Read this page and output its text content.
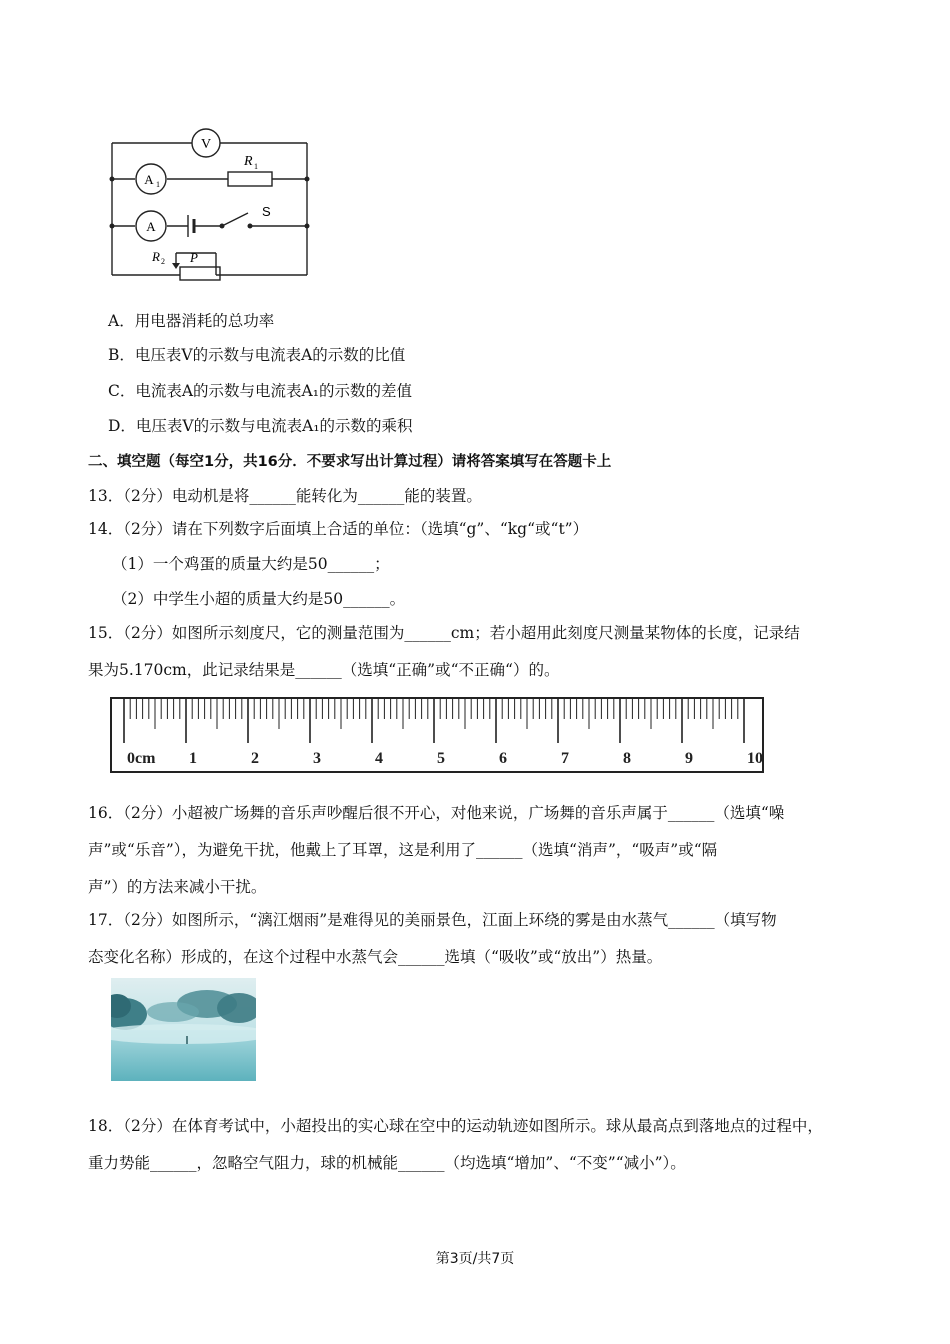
V
A 1
A
S
R 1
R 2 P
A．用电器消耗的总功率
B．电压表V的示数与电流表A的示数的比值
C．电流表A的示数与电流表A₁的示数的差值
D．电压表V的示数与电流表A₁的示数的乘积
二、填空题（每空1分，共16分．不要求写出计算过程）请将答案填写在答题卡上
13．（2分）电动机是将______能转化为______能的装置。
14．（2分）请在下列数字后面填上合适的单位：（选填“g”、“kg“或“t”）
（1）一个鸡蛋的质量大约是50______；
（2）中学生小超的质量大约是50______。
15．（2分）如图所示刻度尺，它的测量范围为______cm；若小超用此刻度尺测量某物体的长度，记录结
果为5.170cm，此记录结果是______（选填“正确”或“不正确“）的。
0cm 1	2	3	4	5	6	7	8	9	10
16．（2分）小超被广场舞的音乐声吵醒后很不开心，对他来说，广场舞的音乐声属于______（选填“噪
声”或“乐音”），为避免干扰，他戴上了耳罩，这是利用了______（选填“消声”，“吸声”或“隔
声”）的方法来减小干扰。
17．（2分）如图所示，“漓江烟雨”是难得见的美丽景色，江面上环绕的雾是由水蒸气______（填写物
态变化名称）形成的，在这个过程中水蒸气会______选填（“吸收”或“放出”）热量。
18．（2分）在体育考试中，小超投出的实心球在空中的运动轨迹如图所示。球从最高点到落地点的过程中，
重力势能______，忽略空气阻力，球的机械能______（均选填“增加”、“不变”“减小”）。
第3页/共7页
